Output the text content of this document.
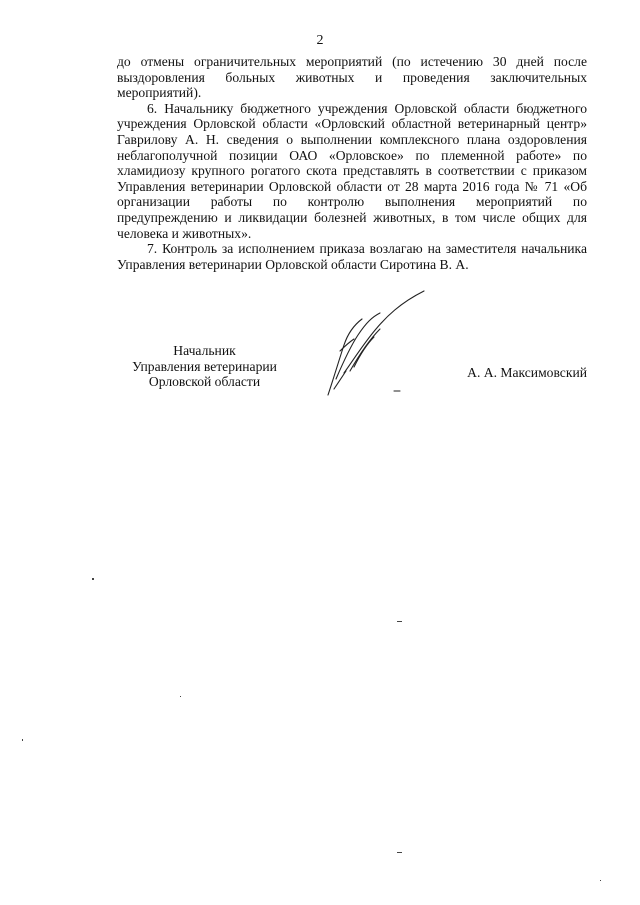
2

до отмены ограничительных мероприятий (по истечению 30 дней после выздоровления больных животных и проведения заключительных мероприятий).

6. Начальнику бюджетного учреждения Орловской области бюджетного учреждения Орловской области «Орловский областной ветеринарный центр» Гаврилову А. Н. сведения о выполнении комплексного плана оздоровления неблагополучной позиции ОАО «Орловское» по племенной работе» по хламидиозу крупного рогатого скота представлять в соответствии с приказом Управления ветеринарии Орловской области от 28 марта 2016 года № 71 «Об организации работы по контролю выполнения мероприятий по предупреждению и ликвидации болезней животных, в том числе общих для человека и животных».

7. Контроль за исполнением приказа возлагаю на заместителя начальника Управления ветеринарии Орловской области Сиротина В. А.

Начальник
Управления ветеринарии
Орловской области
А. А. Максимовский
